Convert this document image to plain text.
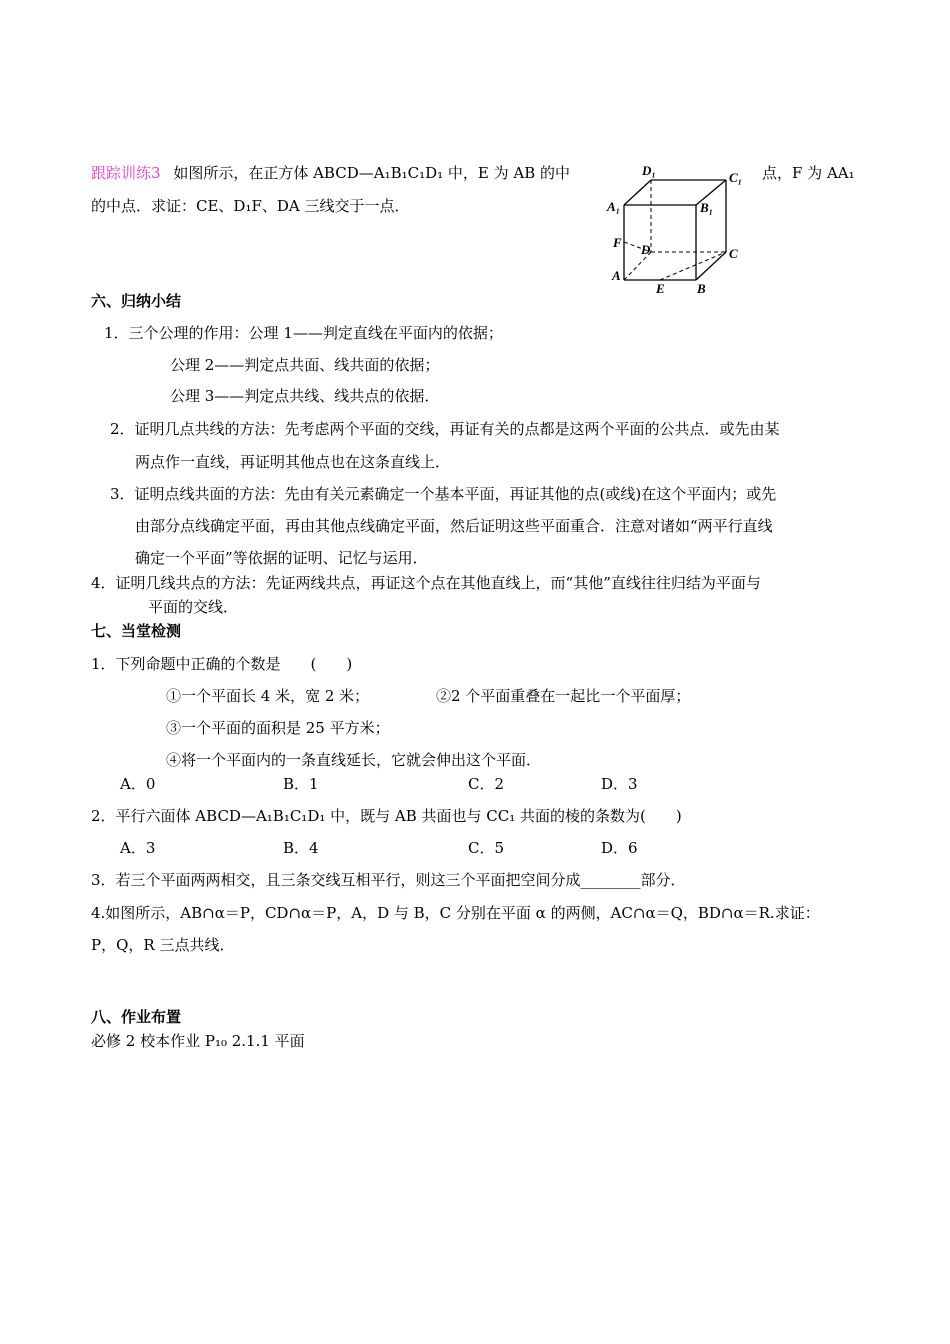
跟踪训练3 如图所示，在正方体 ABCD—A₁B₁C₁D₁ 中，E 为 AB 的中	点，F 为 AA₁
的中点．求证：CE、D₁F、DA 三线交于一点．
D₁	C₁
A₁	B₁
F D	C
A
E B
六、归纳小结
1．三个公理的作用：公理 1——判定直线在平面内的依据；
公理 2——判定点共面、线共面的依据；
公理 3——判定点共线、线共点的依据．
2．证明几点共线的方法：先考虑两个平面的交线，再证有关的点都是这两个平面的公共点．或先由某
两点作一直线，再证明其他点也在这条直线上．
3．证明点线共面的方法：先由有关元素确定一个基本平面，再证其他的点(或线)在这个平面内；或先
由部分点线确定平面，再由其他点线确定平面，然后证明这些平面重合．注意对诸如“两平行直线
确定一个平面”等依据的证明、记忆与运用．
4．证明几线共点的方法：先证两线共点，再证这个点在其他直线上，而“其他”直线往往归结为平面与
平面的交线．
七、当堂检测
1．下列命题中正确的个数是　　(　　)
①一个平面长 4 米，宽 2 米；	②2 个平面重叠在一起比一个平面厚；
③一个平面的面积是 25 平方米；
④将一个平面内的一条直线延长，它就会伸出这个平面．
A．0	B．1	C．2	D．3
2．平行六面体 ABCD—A₁B₁C₁D₁ 中，既与 AB 共面也与 CC₁ 共面的棱的条数为(　　)
A．3	B．4	C．5	D．6
3．若三个平面两两相交，且三条交线互相平行，则这三个平面把空间分成________部分．
4.如图所示，AB∩α＝P，CD∩α＝P，A，D 与 B，C 分别在平面 α 的两侧，AC∩α＝Q，BD∩α＝R.求证：
P，Q，R 三点共线．
八、作业布置
必修 2 校本作业 P₁₀ 2.1.1 平面
